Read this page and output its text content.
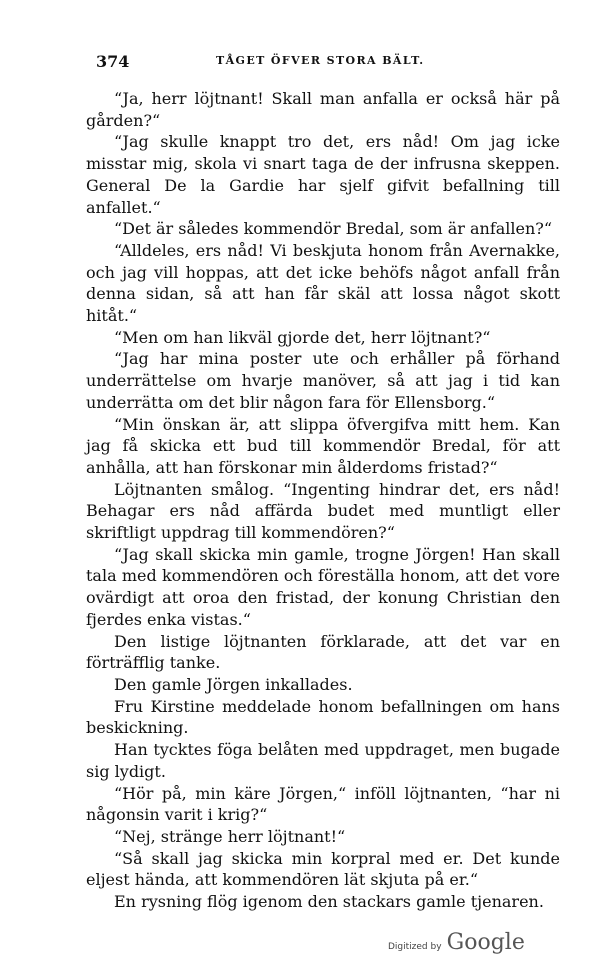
374	TÅGET ÖFVER STORA BÄLT.

“Ja, herr löjtnant! Skall man anfalla er också här på gården?“

“Jag skulle knappt tro det, ers nåd! Om jag icke misstar mig, skola vi snart taga de der infrusna skeppen. General De la Gardie har sjelf gifvit befallning till anfallet.“

“Det är således kommendör Bredal, som är anfallen?“

“Alldeles, ers nåd! Vi beskjuta honom från Avernakke, och jag vill hoppas, att det icke behöfs något anfall från denna sidan, så att han får skäl att lossa något skott hitåt.“

“Men om han likväl gjorde det, herr löjtnant?“

“Jag har mina poster ute och erhåller på förhand underrättelse om hvarje manöver, så att jag i tid kan underrätta om det blir någon fara för Ellensborg.“

“Min önskan är, att slippa öfvergifva mitt hem. Kan jag få skicka ett bud till kommendör Bredal, för att anhålla, att han förskonar min ålderdoms fristad?“

Löjtnanten smålog. “Ingenting hindrar det, ers nåd! Behagar ers nåd affärda budet med muntligt eller skriftligt uppdrag till kommendören?“

“Jag skall skicka min gamle, trogne Jörgen! Han skall tala med kommendören och föreställa honom, att det vore ovärdigt att oroa den fristad, der konung Christian den fjerdes enka vistas.“

Den listige löjtnanten förklarade, att det var en förträfflig tanke.

Den gamle Jörgen inkallades.

Fru Kirstine meddelade honom befallningen om hans beskickning.

Han tycktes föga belåten med uppdraget, men bugade sig lydigt.

“Hör på, min käre Jörgen,“ inföll löjtnanten, “har ni någonsin varit i krig?“

“Nej, stränge herr löjtnant!“

“Så skall jag skicka min korpral med er. Det kunde eljest hända, att kommendören lät skjuta på er.“

En rysning flög igenom den stackars gamle tjenaren.

Digitized by Google
